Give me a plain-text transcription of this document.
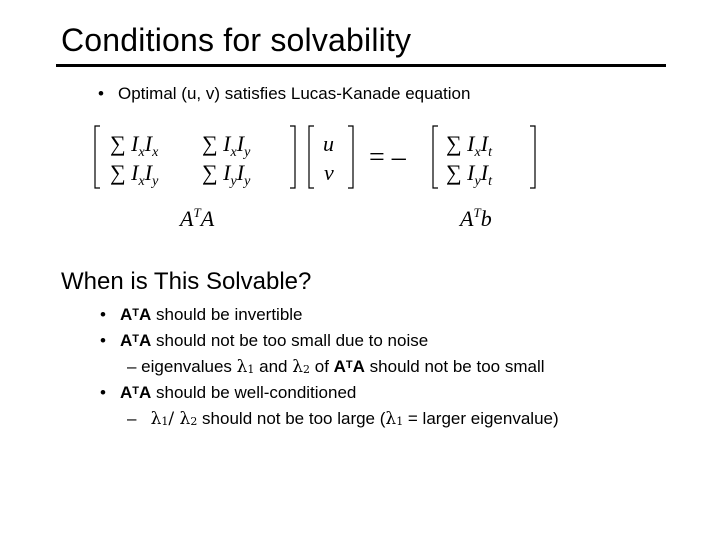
Conditions for solvability
• Optimal (u, v) satisfies Lucas-Kanade equation
∑ $I_xI_x$ ∑ $I_xI_y$
∑ $I_xI_y$ ∑ $I_yI_y$
u
v
∑ $I_xI_t$
∑ $I_yI_t$
$A^TA$	$A^Tb$
= –
When is This Solvable?
• $A^TA$ should be invertible
• $A^TA$ should not be too small due to noise
– eigenvalues $\lambda_1$ and $\lambda_2$ of $A^TA$ should not be too small
• $A^TA$ should be well-conditioned
–   $\lambda_1/$ $\lambda_2$ should not be too large ($\lambda_1$ = larger eigenvalue)
